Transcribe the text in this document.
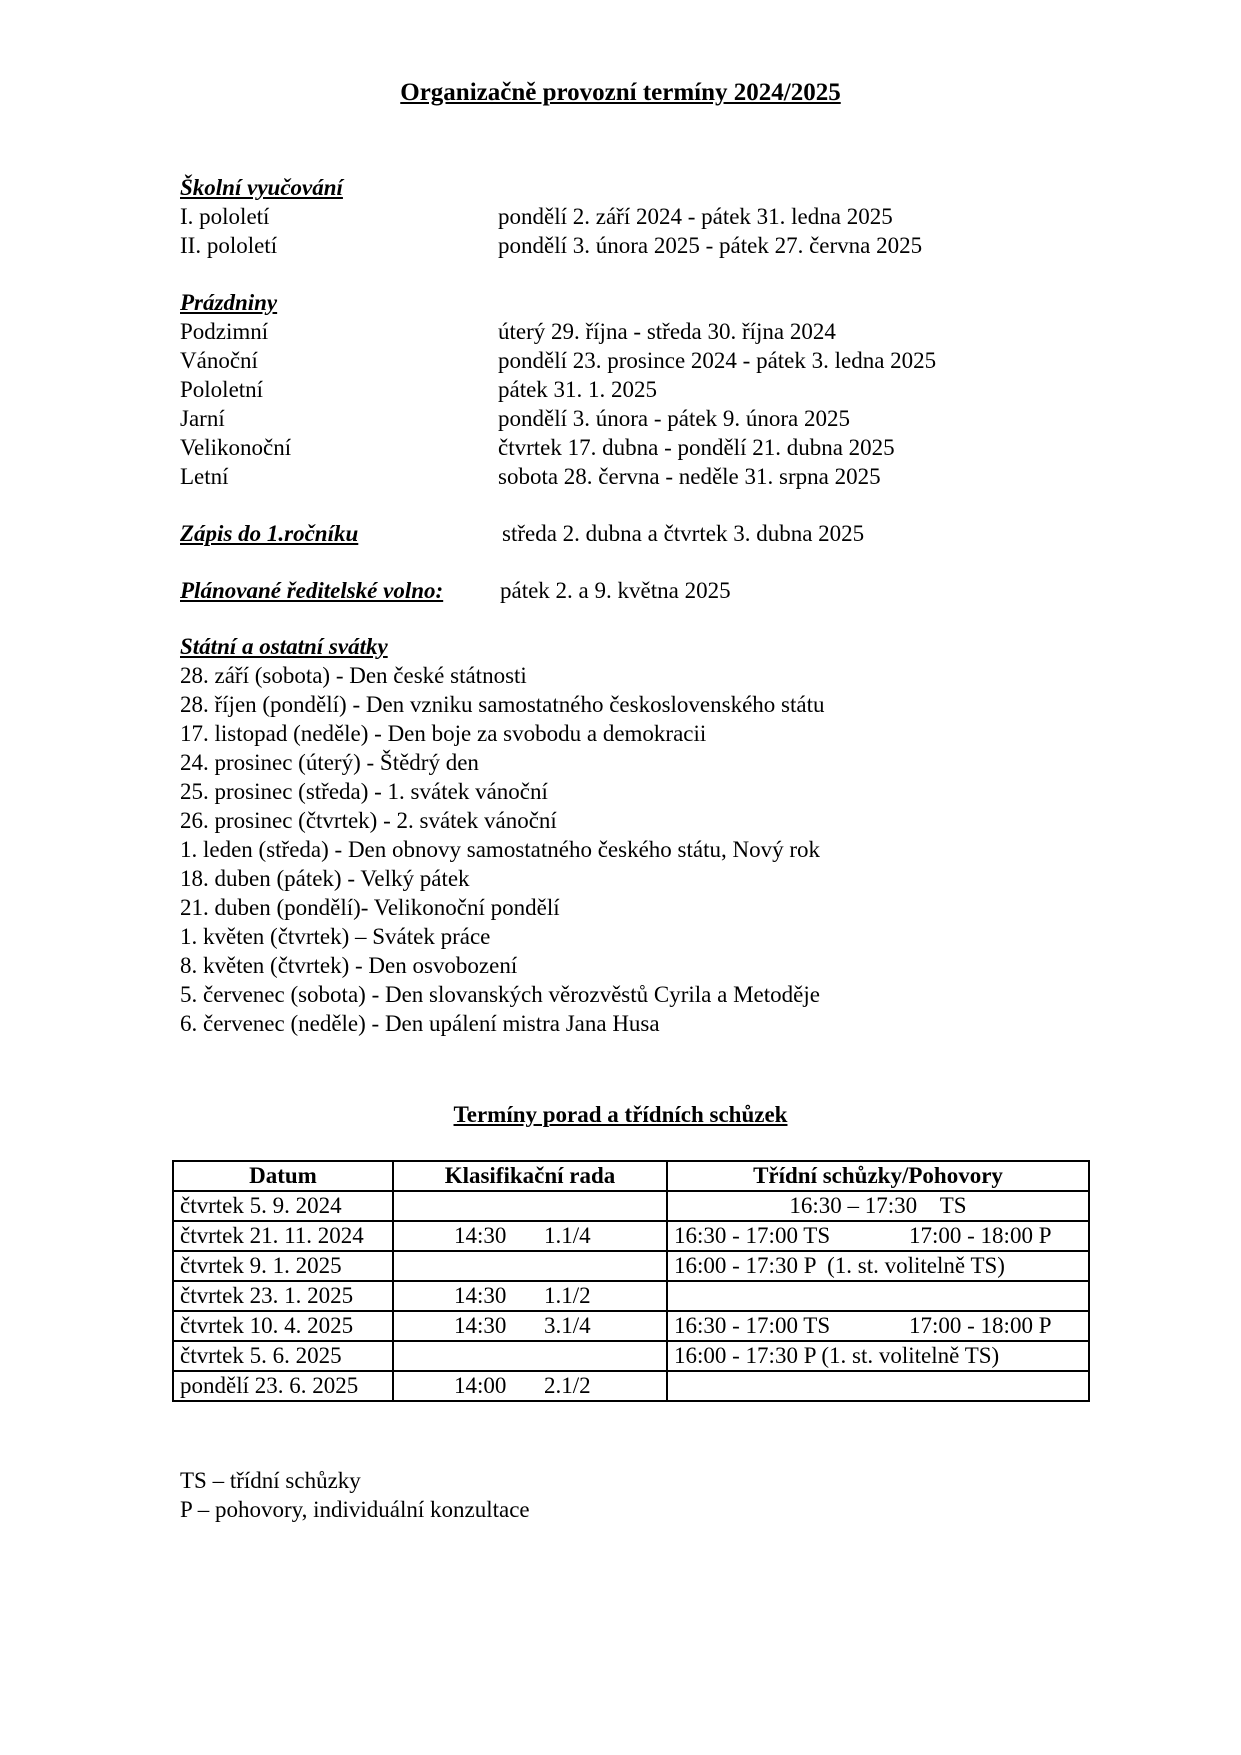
Organizačně provozní termíny 2024/2025
Školní vyučování
I. pololetí	pondělí 2. září 2024 - pátek 31. ledna 2025
II. pololetí	pondělí 3. února 2025 - pátek 27. června 2025
Prázdniny
Podzimní	úterý 29. října - středa 30. října 2024
Vánoční	pondělí 23. prosince 2024 - pátek 3. ledna 2025
Pololetní	pátek 31. 1. 2025
Jarní	pondělí 3. února - pátek 9. února 2025
Velikonoční	čtvrtek 17. dubna - pondělí 21. dubna 2025
Letní	sobota 28. června - neděle 31. srpna 2025
Zápis do 1.ročníku	středa 2. dubna a čtvrtek 3. dubna 2025
Plánované ředitelské volno: pátek 2. a 9. května 2025
Státní a ostatní svátky
28. září (sobota) - Den české státnosti
28. říjen (pondělí) - Den vzniku samostatného československého státu
17. listopad (neděle) - Den boje za svobodu a demokracii
24. prosinec (úterý) - Štědrý den
25. prosinec (středa) - 1. svátek vánoční
26. prosinec (čtvrtek) - 2. svátek vánoční
1. leden (středa) - Den obnovy samostatného českého státu, Nový rok
18. duben (pátek) - Velký pátek
21. duben (pondělí)- Velikonoční pondělí
1. květen (čtvrtek) – Svátek práce
8. květen (čtvrtek) - Den osvobození
5. červenec (sobota) - Den slovanských věrozvěstů Cyrila a Metoděje
6. červenec (neděle) - Den upálení mistra Jana Husa
Termíny porad a třídních schůzek
Datum	Klasifikační rada	Třídní schůzky/Pohovory
čtvrtek 5. 9. 2024		16:30 – 17:30    TS
čtvrtek 21. 11. 2024	14:30 1.1/4	16:30 - 17:00 TS 17:00 - 18:00 P
čtvrtek 9. 1. 2025		16:00 - 17:30 P  (1. st. volitelně TS)
čtvrtek 23. 1. 2025	14:30 1.1/2	
čtvrtek 10. 4. 2025	14:30 3.1/4	16:30 - 17:00 TS 17:00 - 18:00 P
čtvrtek 5. 6. 2025		16:00 - 17:30 P (1. st. volitelně TS)
pondělí 23. 6. 2025	14:00 2.1/2	
TS – třídní schůzky
P – pohovory, individuální konzultace
